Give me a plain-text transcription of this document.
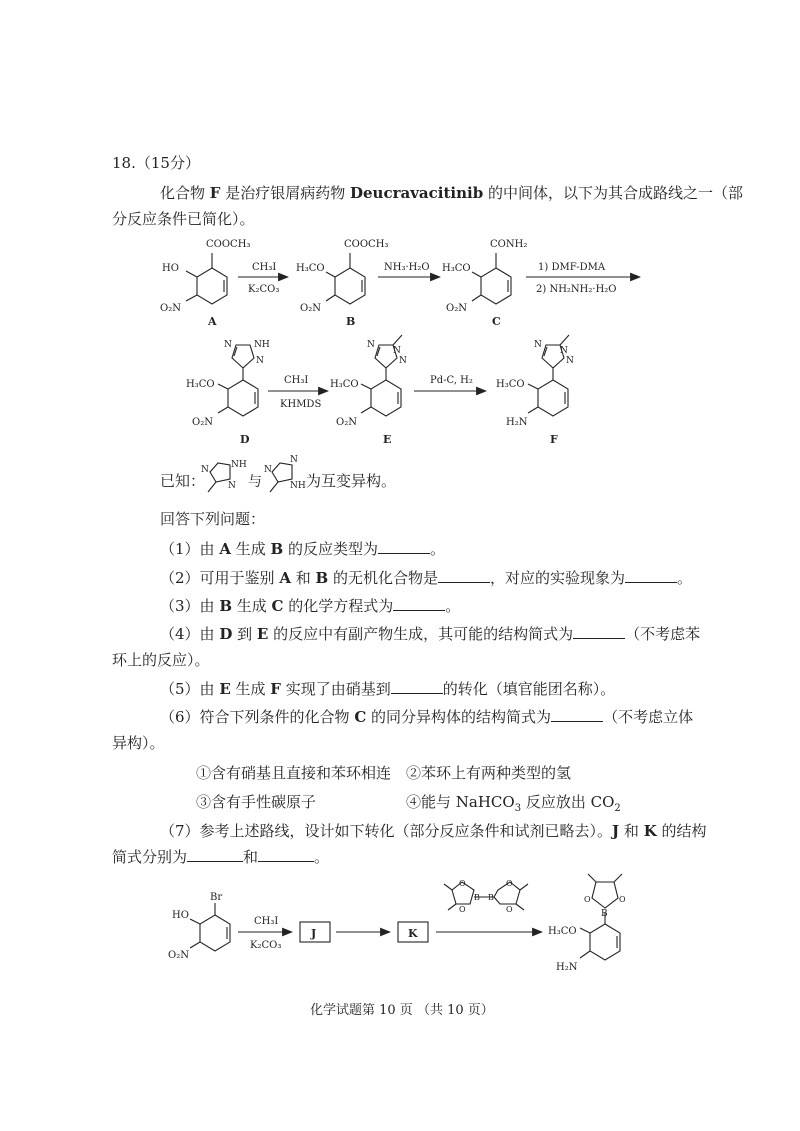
18.（15分）
化合物 F 是治疗银屑病药物 Deucravacitinib 的中间体，以下为其合成路线之一（部
分反应条件已简化）。
COOCH₃
HO
O₂N
A
CH₃I
K₂CO₃
COOCH₃
H₃CO
O₂N
B
NH₃·H₂O
CONH₂
H₃CO
O₂N
C
1) DMF-DMA
2) NH₂NH₂·H₂O
NH
N
N
H₃CO
O₂N
D
CH₃I
KHMDS
N
N
N
H₃CO
O₂N
E
Pd-C, H₂
N
N
N
H₃CO
H₂N
F
已知：
NH
N
N 与
N
N
NH 为互变异构。
回答下列问题：
（1）由 A 生成 B 的反应类型为	。
（2）可用于鉴别 A 和 B 的无机化合物是	，对应的实验现象为	。
（3）由 B 生成 C 的化学方程式为	。
（4）由 D 到 E 的反应中有副产物生成，其可能的结构简式为	（不考虑苯
环上的反应）。
（5）由 E 生成 F 实现了由硝基到	的转化（填官能团名称）。
（6）符合下列条件的化合物 C 的同分异构体的结构简式为	（不考虑立体
异构）。
①含有硝基且直接和苯环相连 ②苯环上有两种类型的氢
③含有手性碳原子	④能与 NaHCO$_3$ 反应放出 $CO_2$
（7）参考上述路线，设计如下转化（部分反应条件和试剂已略去）。J 和 K 的结构
简式分别为	和	。
Br
HO
O₂N
CH₃I
K₂CO₃
J	K
O
O
O
O
B B
B
O	O
H₃CO
H₂N
化学试题第 10 页 （共 10 页）
